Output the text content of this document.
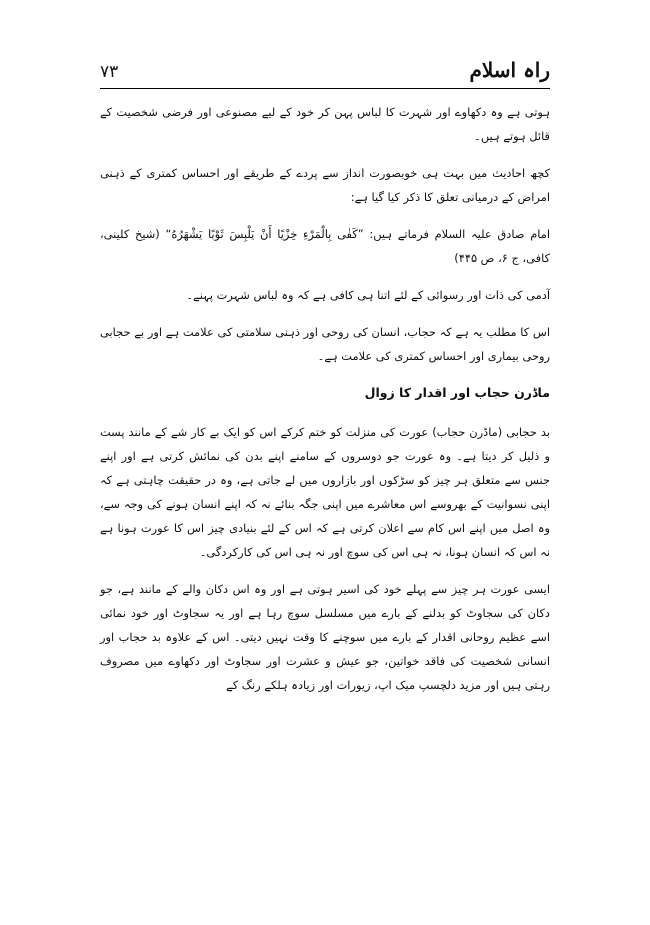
۷۳	راہ اسلام

ہوتی ہے وہ دکھاوے اور شہرت کا لباس پہن کر خود کے لیے مصنوعی اور فرضی شخصیت کے قائل ہوتے ہیں۔

کچھ احادیث میں بہت ہی خوبصورت انداز سے پردے کے طریقے اور احساس کمتری کے ذہنی امراض کے درمیانی تعلق کا ذکر کیا گیا ہے:

امام صادق علیہ السلام فرماتے ہیں: ”كَفٰى بِالْمَرْءِ خِزْيًا أَنْ يَلْبِسَ ثَوْبًا يَشْهَرُهُ“ (شیخ کلینی، کافی، ج ۶، ص ۴۴۵)

آدمی کی ذات اور رسوائی کے لئے اتنا ہی کافی ہے کہ وہ لباس شہرت پہنے۔

اس کا مطلب یہ ہے کہ حجاب، انسان کی روحی اور ذہنی سلامتی کی علامت ہے اور بے حجابی روحی بیماری اور احساس کمتری کی علامت ہے۔

ماڈرن حجاب اور اقدار کا زوال

بد حجابی (ماڈرن حجاب) عورت کی منزلت کو ختم کرکے اس کو ایک بے کار شے کے مانند پست و ذلیل کر دیتا ہے۔ وہ عورت جو دوسروں کے سامنے اپنے بدن کی نمائش کرتی ہے اور اپنے جنس سے متعلق ہر چیز کو سڑکوں اور بازاروں میں لے جاتی ہے، وہ در حقیقت چاہتی ہے کہ اپنی نسوانیت کے بھروسے اس معاشرے میں اپنی جگہ بنائے نہ کہ اپنے انسان ہونے کی وجہ سے، وہ اصل میں اپنے اس کام سے اعلان کرتی ہے کہ اس کے لئے بنیادی چیز اس کا عورت ہونا ہے نہ اس کہ انسان ہونا، نہ ہی اس کی سوچ اور نہ ہی اس کی کارکردگی۔

ایسی عورت ہر چیز سے پہلے خود کی اسیر ہوتی ہے اور وہ اس دکان والے کے مانند ہے، جو دکان کی سجاوٹ کو بدلنے کے بارے میں مسلسل سوچ رہا ہے اور یہ سجاوٹ اور خود نمائی اسے عظیم روحانی اقدار کے بارے میں سوچنے کا وقت نہیں دیتی۔ اس کے علاوہ بد حجاب اور انسانی شخصیت کی فاقد خواتین، جو عیش و عشرت اور سجاوٹ اور دکھاوے میں مصروف رہتی ہیں اور مزید دلچسپ میک اپ، زیورات اور زیادہ ہلکے رنگ کے
